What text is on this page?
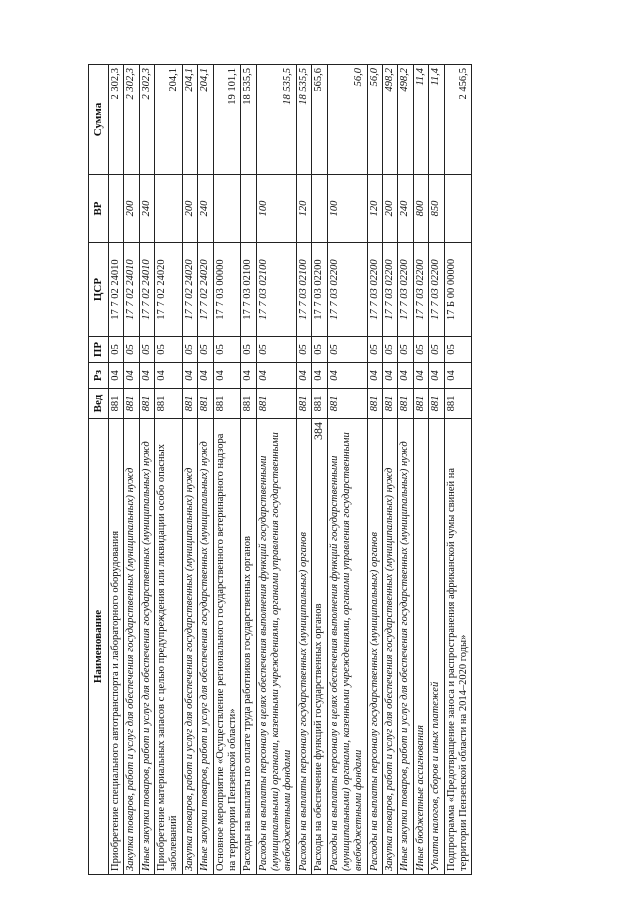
384
Наименование	Вед	Рз	ПР	ЦСР	ВР	Сумма
Приобретение специального автотранспорта и лабораторного оборудования	881	04	05	17 7 02 24010		2 302,3
Закупка товаров, работ и услуг для обеспечения государственных (муниципальных) нужд	881	04	05	17 7 02 24010	200	2 302,3
Иные закупки товаров, работ и услуг для обеспечения государственных (муниципальных) нужд	881	04	05	17 7 02 24010	240	2 302,3
Приобретение материальных запасов с целью предупреждения или ликвидации особо опасных заболеваний	881	04	05	17 7 02 24020		204,1
Закупка товаров, работ и услуг для обеспечения государственных (муниципальных) нужд	881	04	05	17 7 02 24020	200	204,1
Иные закупки товаров, работ и услуг для обеспечения государственных (муниципальных) нужд	881	04	05	17 7 02 24020	240	204,1
Основное мероприятие «Осуществление регионального государственного ветеринарного надзора на территории Пензенской области»	881	04	05	17 7 03 00000		19 101,1
Расходы на выплаты по оплате труда работников государственных органов	881	04	05	17 7 03 02100		18 535,5
Расходы на выплаты персоналу в целях обеспечения выполнения функций государственными (муниципальными) органами, казенными учреждениями, органами управления государственными внебюджетными фондами	881	04	05	17 7 03 02100	100	18 535,5
Расходы на выплаты персоналу государственных (муниципальных) органов	881	04	05	17 7 03 02100	120	18 535,5
Расходы на обеспечение функций государственных органов	881	04	05	17 7 03 02200		565,6
Расходы на выплаты персоналу в целях обеспечения выполнения функций государственными (муниципальными) органами, казенными учреждениями, органами управления государственными внебюджетными фондами	881	04	05	17 7 03 02200	100	56,0
Расходы на выплаты персоналу государственных (муниципальных) органов	881	04	05	17 7 03 02200	120	56,0
Закупка товаров, работ и услуг для обеспечения государственных (муниципальных) нужд	881	04	05	17 7 03 02200	200	498,2
Иные закупки товаров, работ и услуг для обеспечения государственных (муниципальных) нужд	881	04	05	17 7 03 02200	240	498,2
Иные бюджетные ассигнования	881	04	05	17 7 03 02200	800	11,4
Уплата налогов, сборов и иных платежей	881	04	05	17 7 03 02200	850	11,4
Подпрограмма «Предотвращение заноса и распространения африканской чумы свиней на территории Пензенской области на 2014–2020 годы»	881	04	05	17 Б 00 00000		2 456,5
